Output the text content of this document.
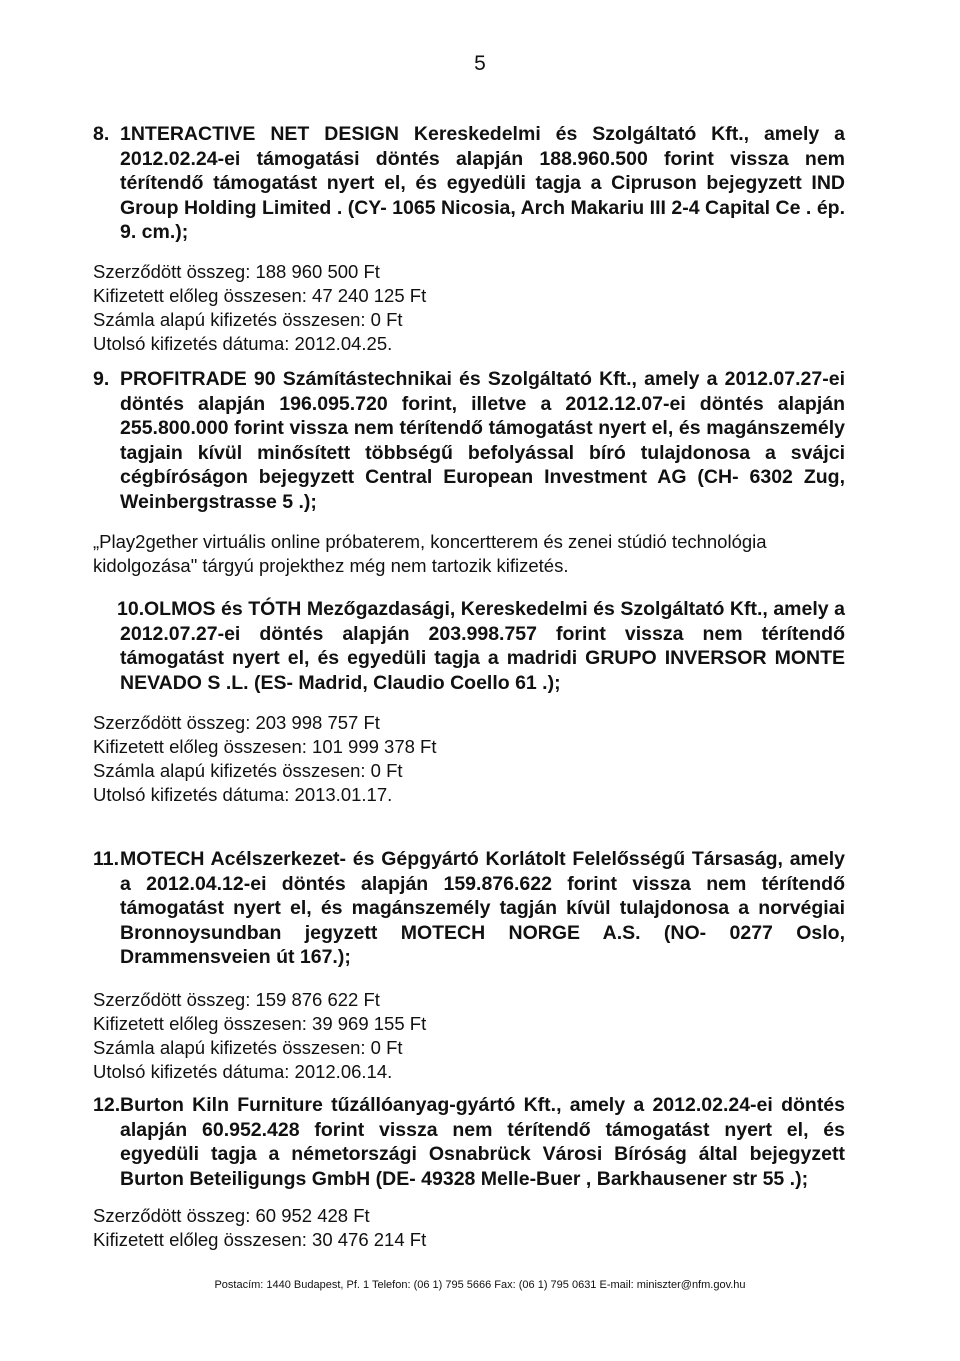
5
8. 1NTERACTIVE NET DESIGN Kereskedelmi és Szolgáltató Kft., amely a 2012.02.24-ei támogatási döntés alapján 188.960.500 forint vissza nem térítendő támogatást nyert el, és egyedüli tagja a Cipruson bejegyzett IND Group Holding Limited . (CY- 1065 Nicosia, Arch Makariu III 2-4 Capital Ce . ép. 9. cm.);
Szerződött összeg: 188 960 500 Ft
Kifizetett előleg összesen: 47 240 125 Ft
Számla alapú kifizetés összesen: 0 Ft
Utolsó kifizetés dátuma: 2012.04.25.
9. PROFITRADE 90 Számítástechnikai és Szolgáltató Kft., amely a 2012.07.27-ei döntés alapján 196.095.720 forint, illetve a 2012.12.07-ei döntés alapján 255.800.000 forint vissza nem térítendő támogatást nyert el, és magánszemély tagjain kívül minősített többségű befolyással bíró tulajdonosa a svájci cégbíróságon bejegyzett Central European Investment AG (CH- 6302 Zug, Weinbergstrasse 5 .);
„Play2gether virtuális online próbaterem, koncertterem és zenei stúdió technológia kidolgozása" tárgyú projekthez még nem tartozik kifizetés.
10. OLMOS és TÓTH Mezőgazdasági, Kereskedelmi és Szolgáltató Kft., amely a 2012.07.27-ei döntés alapján 203.998.757 forint vissza nem térítendő támogatást nyert el, és egyedüli tagja a madridi GRUPO INVERSOR MONTE NEVADO S .L. (ES- Madrid, Claudio Coello 61 .);
Szerződött összeg: 203 998 757 Ft
Kifizetett előleg összesen: 101 999 378 Ft
Számla alapú kifizetés összesen: 0 Ft
Utolsó kifizetés dátuma: 2013.01.17.
11. MOTECH Acélszerkezet- és Gépgyártó Korlátolt Felelősségű Társaság, amely a 2012.04.12-ei döntés alapján 159.876.622 forint vissza nem térítendő támogatást nyert el, és magánszemély tagján kívül tulajdonosa a norvégiai Bronnoysundban jegyzett MOTECH NORGE A.S. (NO- 0277 Oslo, Drammensveien út 167.);
Szerződött összeg: 159 876 622 Ft
Kifizetett előleg összesen: 39 969 155 Ft
Számla alapú kifizetés összesen: 0 Ft
Utolsó kifizetés dátuma: 2012.06.14.
12. Burton Kiln Furniture tűzállóanyag-gyártó Kft., amely a 2012.02.24-ei döntés alapján 60.952.428 forint vissza nem térítendő támogatást nyert el, és egyedüli tagja a németországi Osnabrück Városi Bíróság által bejegyzett Burton Beteiligungs GmbH (DE- 49328 Melle-Buer , Barkhausener str 55 .);
Szerződött összeg: 60 952 428 Ft
Kifizetett előleg összesen: 30 476 214 Ft
Postacím: 1440 Budapest, Pf. 1 Telefon: (06 1) 795 5666 Fax: (06 1) 795 0631 E-mail: miniszter@nfm.gov.hu
